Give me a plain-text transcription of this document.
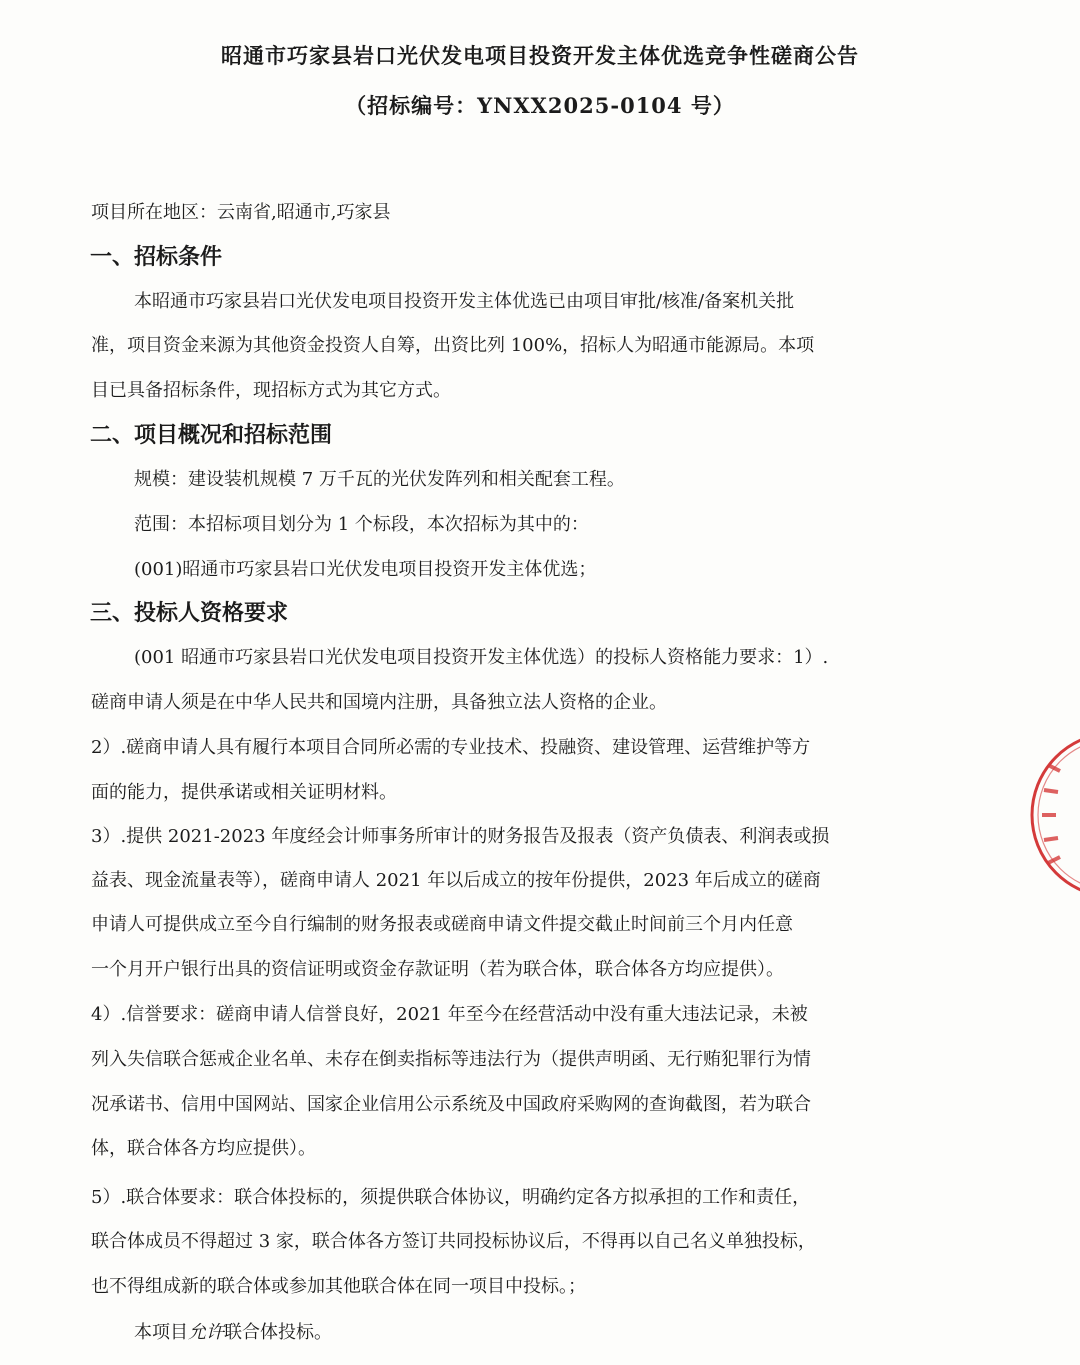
昭通市巧家县岩口光伏发电项目投资开发主体优选竞争性磋商公告
（招标编号：YNXX2025-0104 号）
项目所在地区：云南省,昭通市,巧家县
一、招标条件
本昭通市巧家县岩口光伏发电项目投资开发主体优选已由项目审批/核准/备案机关批
准，项目资金来源为其他资金投资人自筹，出资比列 100%，招标人为昭通市能源局。本项
目已具备招标条件，现招标方式为其它方式。
二、项目概况和招标范围
规模：建设装机规模 7 万千瓦的光伏发阵列和相关配套工程。
范围：本招标项目划分为 1 个标段，本次招标为其中的：
(001)昭通市巧家县岩口光伏发电项目投资开发主体优选；
三、投标人资格要求
(001 昭通市巧家县岩口光伏发电项目投资开发主体优选）的投标人资格能力要求：1）.
磋商申请人须是在中华人民共和国境内注册，具备独立法人资格的企业。
2）.磋商申请人具有履行本项目合同所必需的专业技术、投融资、建设管理、运营维护等方
面的能力，提供承诺或相关证明材料。
3）.提供 2021-2023 年度经会计师事务所审计的财务报告及报表（资产负债表、利润表或损
益表、现金流量表等），磋商申请人 2021 年以后成立的按年份提供，2023 年后成立的磋商
申请人可提供成立至今自行编制的财务报表或磋商申请文件提交截止时间前三个月内任意
一个月开户银行出具的资信证明或资金存款证明（若为联合体，联合体各方均应提供）。
4）.信誉要求：磋商申请人信誉良好，2021 年至今在经营活动中没有重大违法记录，未被
列入失信联合惩戒企业名单、未存在倒卖指标等违法行为（提供声明函、无行贿犯罪行为情
况承诺书、信用中国网站、国家企业信用公示系统及中国政府采购网的查询截图，若为联合
体，联合体各方均应提供）。
5）.联合体要求：联合体投标的，须提供联合体协议，明确约定各方拟承担的工作和责任，
联合体成员不得超过 3 家，联合体各方签订共同投标协议后，不得再以自己名义单独投标，
也不得组成新的联合体或参加其他联合体在同一项目中投标。；
本项目允许联合体投标。
